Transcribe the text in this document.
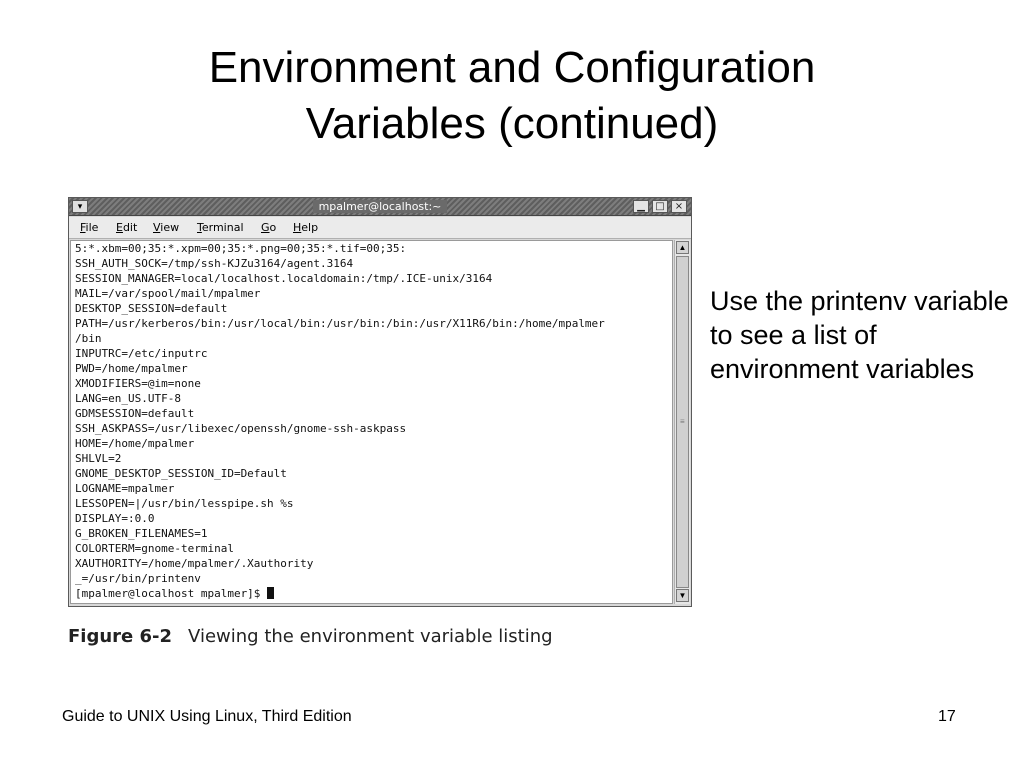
Environment and Configuration
Variables (continued)
▾	mpalmer@localhost:~	▁	□	×
File Edit View Terminal Go Help
5:*.xbm=00;35:*.xpm=00;35:*.png=00;35:*.tif=00;35:
SSH_AUTH_SOCK=/tmp/ssh-KJZu3164/agent.3164
SESSION_MANAGER=local/localhost.localdomain:/tmp/.ICE-unix/3164
MAIL=/var/spool/mail/mpalmer
DESKTOP_SESSION=default
PATH=/usr/kerberos/bin:/usr/local/bin:/usr/bin:/bin:/usr/X11R6/bin:/home/mpalmer
/bin
INPUTRC=/etc/inputrc
PWD=/home/mpalmer
XMODIFIERS=@im=none
LANG=en_US.UTF-8
GDMSESSION=default
SSH_ASKPASS=/usr/libexec/openssh/gnome-ssh-askpass
HOME=/home/mpalmer
SHLVL=2
GNOME_DESKTOP_SESSION_ID=Default
LOGNAME=mpalmer
LESSOPEN=|/usr/bin/lesspipe.sh %s
DISPLAY=:0.0
G_BROKEN_FILENAMES=1
COLORTERM=gnome-terminal
XAUTHORITY=/home/mpalmer/.Xauthority
_=/usr/bin/printenv
[mpalmer@localhost mpalmer]$
▲
≡
▼
Figure 6-2 Viewing the environment variable listing
Use the printenv variable to see a list of environment variables
Guide to UNIX Using Linux, Third Edition	17
